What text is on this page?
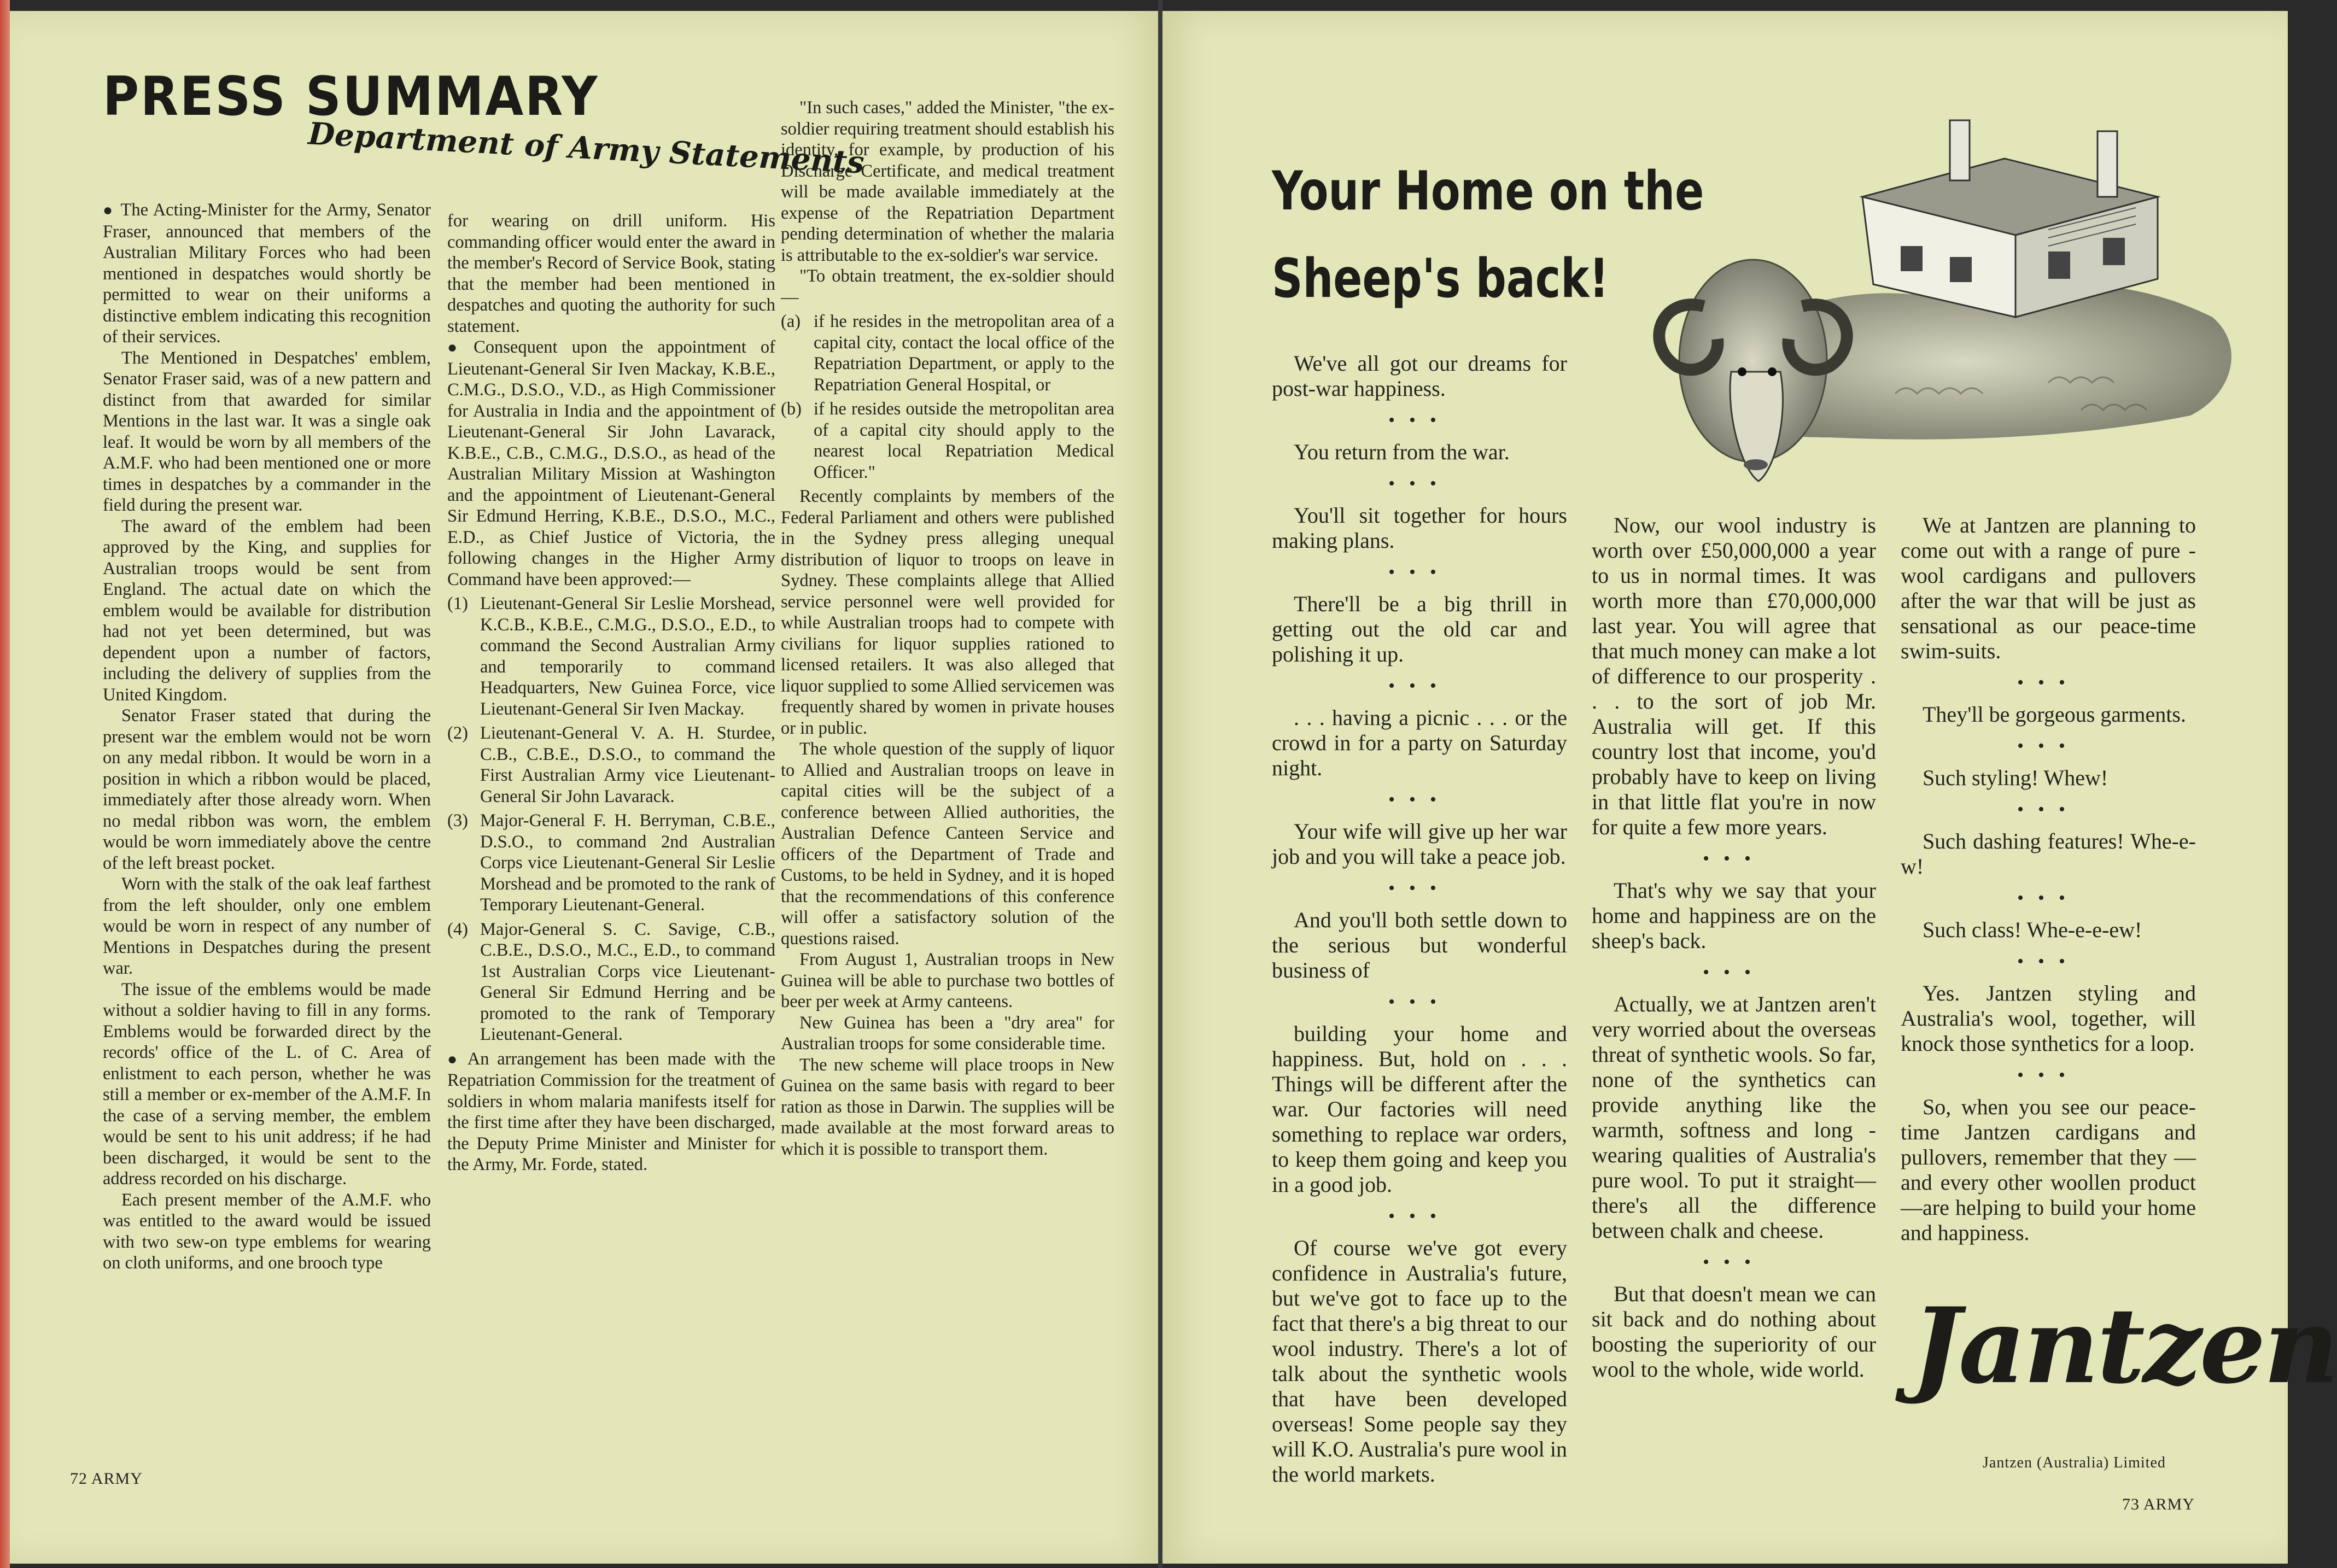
PRESS SUMMARY
Department of Army Statements

● The Acting-Minister for the Army, Senator Fraser, announced that members of the Australian Military Forces who had been mentioned in despatches would shortly be permitted to wear on their uniforms a distinctive emblem indicating this recognition of their services.

The Mentioned in Despatches' emblem, Senator Fraser said, was of a new pattern and distinct from that awarded for similar Mentions in the last war. It was a single oak leaf. It would be worn by all members of the A.M.F. who had been mentioned one or more times in despatches by a commander in the field during the present war.

The award of the emblem had been approved by the King, and supplies for Australian troops would be sent from England. The actual date on which the emblem would be available for distribution had not yet been determined, but was dependent upon a number of factors, including the delivery of supplies from the United Kingdom.

Senator Fraser stated that during the present war the emblem would not be worn on any medal ribbon. It would be worn in a position in which a ribbon would be placed, immediately after those already worn. When no medal ribbon was worn, the emblem would be worn immediately above the centre of the left breast pocket.

Worn with the stalk of the oak leaf farthest from the left shoulder, only one emblem would be worn in respect of any number of Mentions in Despatches during the present war.

The issue of the emblems would be made without a soldier having to fill in any forms. Emblems would be forwarded direct by the records' office of the L. of C. Area of enlistment to each person, whether he was still a member or ex-member of the A.M.F. In the case of a serving member, the emblem would be sent to his unit address; if he had been discharged, it would be sent to the address recorded on his discharge.

Each present member of the A.M.F. who was entitled to the award would be issued with two sew-on type emblems for wearing on cloth uniforms, and one brooch type

for wearing on drill uniform. His commanding officer would enter the award in the member's Record of Service Book, stating that the member had been mentioned in despatches and quoting the authority for such statement.

● Consequent upon the appointment of Lieutenant-General Sir Iven Mackay, K.B.E., C.M.G., D.S.O., V.D., as High Commissioner for Australia in India and the appointment of Lieutenant-General Sir John Lavarack, K.B.E., C.B., C.M.G., D.S.O., as head of the Australian Military Mission at Washington and the appointment of Lieutenant-General Sir Edmund Herring, K.B.E., D.S.O., M.C., E.D., as Chief Justice of Victoria, the following changes in the Higher Army Command have been approved:—

(1) Lieutenant-General Sir Leslie Morshead, K.C.B., K.B.E., C.M.G., D.S.O., E.D., to command the Second Australian Army and temporarily to command Headquarters, New Guinea Force, vice Lieutenant-General Sir Iven Mackay.
(2) Lieutenant-General V. A. H. Sturdee, C.B., C.B.E., D.S.O., to command the First Australian Army vice Lieutenant-General Sir John Lavarack.
(3) Major-General F. H. Berryman, C.B.E., D.S.O., to command 2nd Australian Corps vice Lieutenant-General Sir Leslie Morshead and be promoted to the rank of Temporary Lieutenant-General.
(4) Major-General S. C. Savige, C.B., C.B.E., D.S.O., M.C., E.D., to command 1st Australian Corps vice Lieutenant-General Sir Edmund Herring and be promoted to the rank of Temporary Lieutenant-General.

● An arrangement has been made with the Repatriation Commission for the treatment of soldiers in whom malaria manifests itself for the first time after they have been discharged, the Deputy Prime Minister and Minister for the Army, Mr. Forde, stated.

"In such cases," added the Minister, "the ex-soldier requiring treatment should establish his identity, for example, by production of his Discharge Certificate, and medical treatment will be made available immediately at the expense of the Repatriation Department pending determination of whether the malaria is attributable to the ex-soldier's war service.

"To obtain treatment, the ex-soldier should—

(a) if he resides in the metropolitan area of a capital city, contact the local office of the Repatriation Department, or apply to the Repatriation General Hospital, or
(b) if he resides outside the metropolitan area of a capital city should apply to the nearest local Repatriation Medical Officer."

Recently complaints by members of the Federal Parliament and others were published in the Sydney press alleging unequal distribution of liquor to troops on leave in Sydney. These complaints allege that Allied service personnel were well provided for while Australian troops had to compete with civilians for liquor supplies rationed to licensed retailers. It was also alleged that liquor supplied to some Allied servicemen was frequently shared by women in private houses or in public.

The whole question of the supply of liquor to Allied and Australian troops on leave in capital cities will be the subject of a conference between Allied authorities, the Australian Defence Canteen Service and officers of the Department of Trade and Customs, to be held in Sydney, and it is hoped that the recommendations of this conference will offer a satisfactory solution of the questions raised.

From August 1, Australian troops in New Guinea will be able to purchase two bottles of beer per week at Army canteens.

New Guinea has been a "dry area" for Australian troops for some considerable time.

The new scheme will place troops in New Guinea on the same basis with regard to beer ration as those in Darwin. The supplies will be made available at the most forward areas to which it is possible to transport them.

72 ARMY
Your Home on the
Sheep's back!

We've all got our dreams for post-war happiness.

•••

You return from the war.

•••

You'll sit together for hours making plans.

•••

There'll be a big thrill in getting out the old car and polishing it up.

•••

. . . having a picnic . . . or the crowd in for a party on Saturday night.

•••

Your wife will give up her war job and you will take a peace job.

•••

And you'll both settle down to the serious but wonderful business of

•••

building your home and happiness. But, hold on . . . Things will be different after the war. Our factories will need something to replace war orders, to keep them going and keep you in a good job.

•••

Of course we've got every confidence in Australia's future, but we've got to face up to the fact that there's a big threat to our wool industry. There's a lot of talk about the synthetic wools that have been developed overseas! Some people say they will K.O. Australia's pure wool in the world markets.

Now, our wool industry is worth over £50,000,000 a year to us in normal times. It was worth more than £70,000,000 last year. You will agree that that much money can make a lot of difference to our prosperity . . . to the sort of job Mr. Australia will get. If this country lost that income, you'd probably have to keep on living in that little flat you're in now for quite a few more years.

•••

That's why we say that your home and happiness are on the sheep's back.

•••

Actually, we at Jantzen aren't very worried about the overseas threat of synthetic wools. So far, none of the synthetics can provide anything like the warmth, softness and long - wearing qualities of Australia's pure wool. To put it straight— there's all the difference between chalk and cheese.

•••

But that doesn't mean we can sit back and do nothing about boosting the superiority of our wool to the whole, wide world.

We at Jantzen are planning to come out with a range of pure - wool cardigans and pullovers after the war that will be just as sensational as our peace-time swim-suits.

•••

They'll be gorgeous garments.

•••

Such styling! Whew!

•••

Such dashing features! Whe-e-w!

•••

Such class! Whe-e-e-ew!

•••

Yes. Jantzen styling and Australia's wool, together, will knock those synthetics for a loop.

•••

So, when you see our peace-time Jantzen cardigans and pullovers, remember that they —and every other woollen product—are helping to build your home and happiness.

Jantzen
Jantzen (Australia) Limited
73 ARMY
